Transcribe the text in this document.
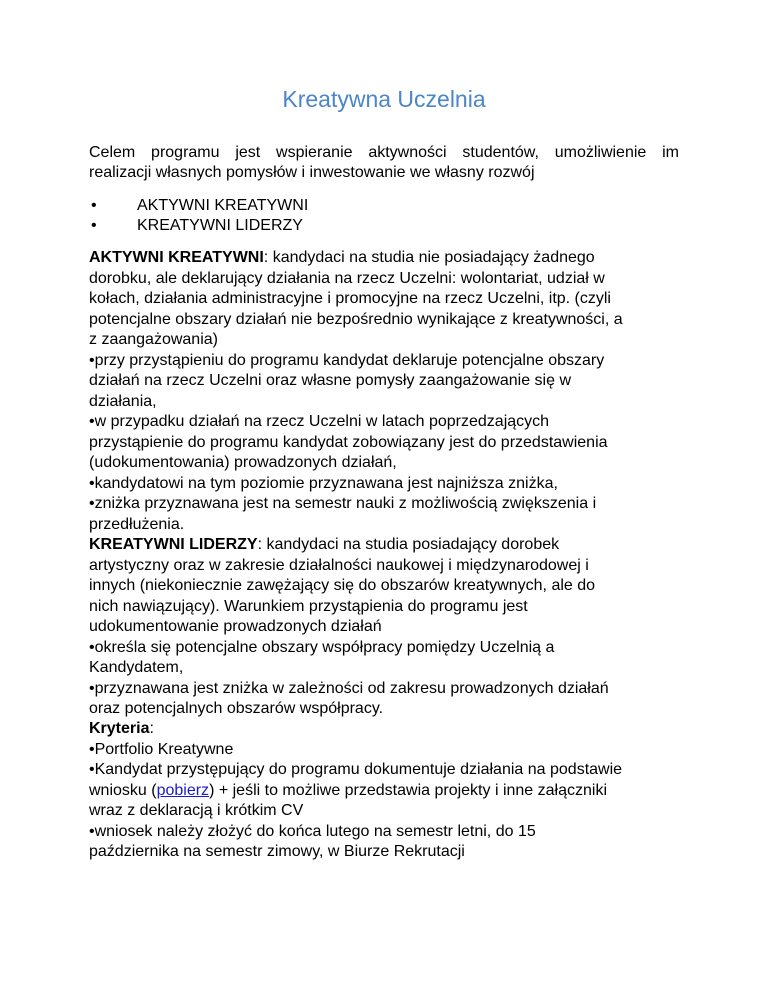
Kreatywna Uczelnia

Celem programu jest wspieranie aktywności studentów, umożliwienie im
realizacji własnych pomysłów i inwestowanie we własny rozwój

•	AKTYWNI KREATYWNI
•	KREATYWNI LIDERZY

AKTYWNI KREATYWNI: kandydaci na studia nie posiadający żadnego
dorobku, ale deklarujący działania na rzecz Uczelni: wolontariat, udział w
kołach, działania administracyjne i promocyjne na rzecz Uczelni, itp. (czyli
potencjalne obszary działań nie bezpośrednio wynikające z kreatywności, a
z zaangażowania)
•przy przystąpieniu do programu kandydat deklaruje potencjalne obszary
działań na rzecz Uczelni oraz własne pomysły zaangażowanie się w
działania,
•w przypadku działań na rzecz Uczelni w latach poprzedzających
przystąpienie do programu kandydat zobowiązany jest do przedstawienia
(udokumentowania) prowadzonych działań,
•kandydatowi na tym poziomie przyznawana jest najniższa zniżka,
•zniżka przyznawana jest na semestr nauki z możliwością zwiększenia i
przedłużenia.

KREATYWNI LIDERZY: kandydaci na studia posiadający dorobek
artystyczny oraz w zakresie działalności naukowej i międzynarodowej i
innych (niekoniecznie zawężający się do obszarów kreatywnych, ale do
nich nawiązujący). Warunkiem przystąpienia do programu jest
udokumentowanie prowadzonych działań
•określa się potencjalne obszary współpracy pomiędzy Uczelnią a
Kandydatem,
•przyznawana jest zniżka w zależności od zakresu prowadzonych działań
oraz potencjalnych obszarów współpracy.

Kryteria:
•Portfolio Kreatywne
•Kandydat przystępujący do programu dokumentuje działania na podstawie
wniosku (pobierz) + jeśli to możliwe przedstawia projekty i inne załączniki
wraz z deklaracją i krótkim CV
•wniosek należy złożyć do końca lutego na semestr letni, do 15
października na semestr zimowy, w Biurze Rekrutacji
